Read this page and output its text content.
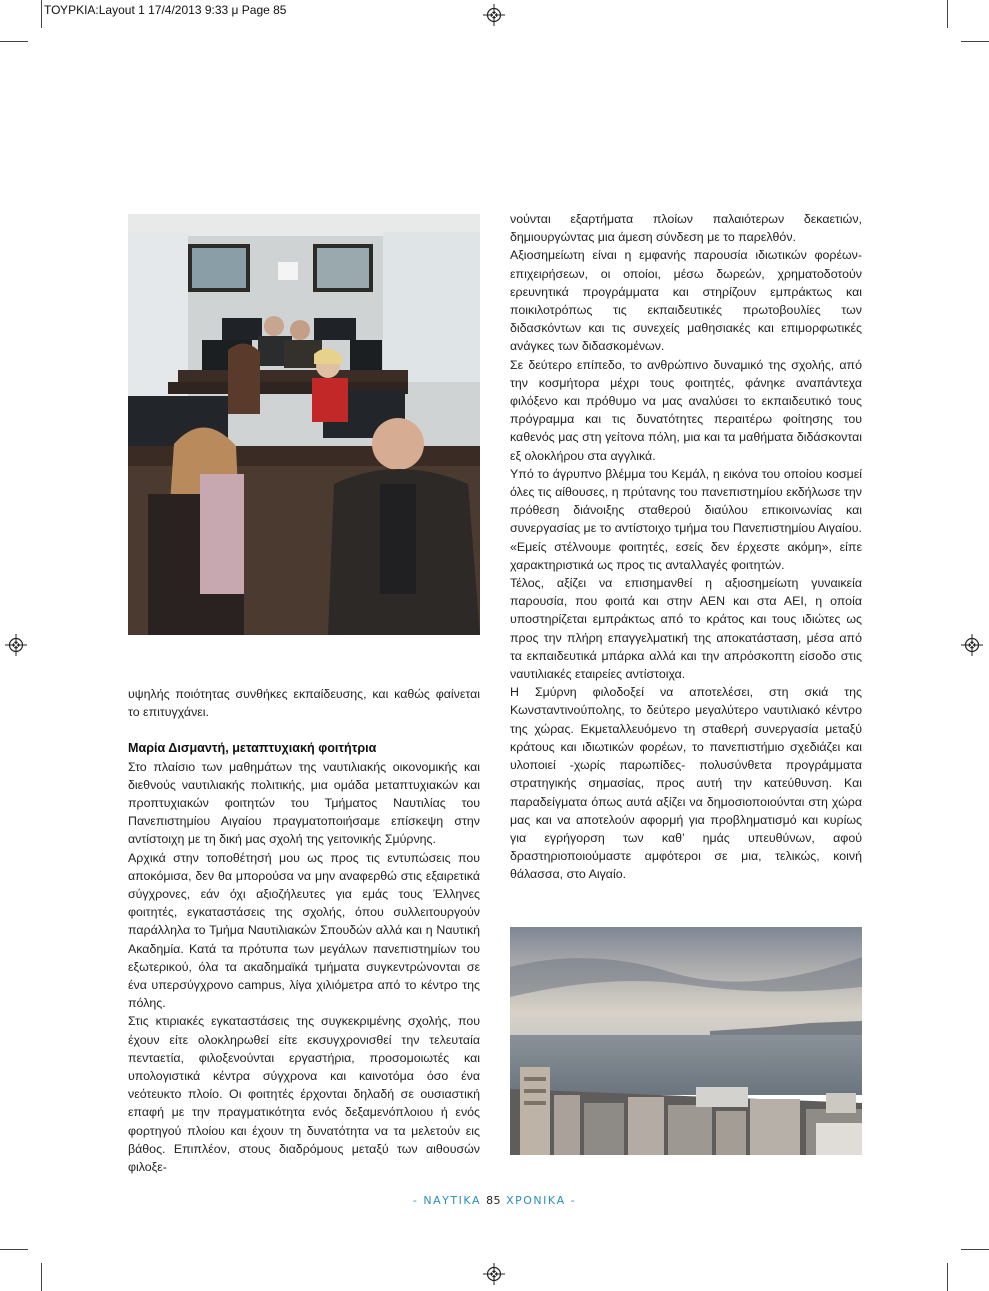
ΤΟΥΡΚΙΑ:Layout 1 17/4/2013 9:33 μ Page 85

υψηλής ποιότητας συνθήκες εκπαίδευσης, και καθώς φαίνεται το επιτυγχάνει.

Μαρία Δισμαντή, μεταπτυχιακή φοιτήτρια

Στο πλαίσιο των μαθημάτων της ναυτιλιακής οικονομικής και διεθνούς ναυτιλιακής πολιτικής, μια ομάδα μεταπτυχιακών και προπτυχιακών φοιτητών του Τμήματος Ναυτιλίας του Πανεπιστημίου Αιγαίου πραγματοποιήσαμε επίσκεψη στην αντίστοιχη με τη δική μας σχολή της γειτονικής Σμύρνης.

Αρχικά στην τοποθέτησή μου ως προς τις εντυπώσεις που αποκόμισα, δεν θα μπορούσα να μην αναφερθώ στις εξαιρετικά σύγχρονες, εάν όχι αξιοζήλευτες για εμάς τους Έλληνες φοιτητές, εγκαταστάσεις της σχολής, όπου συλλειτουργούν παράλληλα το Τμήμα Ναυτιλιακών Σπουδών αλλά και η Ναυτική Ακαδημία. Κατά τα πρότυπα των μεγάλων πανεπιστημίων του εξωτερικού, όλα τα ακαδημαϊκά τμήματα συγκεντρώνονται σε ένα υπερσύγχρονο campus, λίγα χιλιόμετρα από το κέντρο της πόλης.

Στις κτιριακές εγκαταστάσεις της συγκεκριμένης σχολής, που έχουν είτε ολοκληρωθεί είτε εκσυγχρονισθεί την τελευταία πενταετία, φιλοξενούνται εργαστήρια, προσομοιωτές και υπολογιστικά κέντρα σύγχρονα και καινοτόμα όσο ένα νεότευκτο πλοίο. Οι φοιτητές έρχονται δηλαδή σε ουσιαστική επαφή με την πραγματικότητα ενός δεξαμενόπλοιου ή ενός φορτηγού πλοίου και έχουν τη δυνατότητα να τα μελετούν εις βάθος. Επιπλέον, στους διαδρόμους μεταξύ των αιθουσών φιλοξε-

νούνται εξαρτήματα πλοίων παλαιότερων δεκαετιών, δημιουργώντας μια άμεση σύνδεση με το παρελθόν.

Αξιοσημείωτη είναι η εμφανής παρουσία ιδιωτικών φορέων-επιχειρήσεων, οι οποίοι, μέσω δωρεών, χρηματοδοτούν ερευνητικά προγράμματα και στηρίζουν εμπράκτως και ποικιλοτρόπως τις εκπαιδευτικές πρωτοβουλίες των διδασκόντων και τις συνεχείς μαθησιακές και επιμορφωτικές ανάγκες των διδασκομένων.

Σε δεύτερο επίπεδο, το ανθρώπινο δυναμικό της σχολής, από την κοσμήτορα μέχρι τους φοιτητές, φάνηκε αναπάντεχα φιλόξενο και πρόθυμο να μας αναλύσει το εκπαιδευτικό τους πρόγραμμα και τις δυνατότητες περαιτέρω φοίτησης του καθενός μας στη γείτονα πόλη, μια και τα μαθήματα διδάσκονται εξ ολοκλήρου στα αγγλικά.

Υπό το άγρυπνο βλέμμα του Κεμάλ, η εικόνα του οποίου κοσμεί όλες τις αίθουσες, η πρύτανης του πανεπιστημίου εκδήλωσε την πρόθεση διάνοιξης σταθερού διαύλου επικοινωνίας και συνεργασίας με το αντίστοιχο τμήμα του Πανεπιστημίου Αιγαίου. «Εμείς στέλνουμε φοιτητές, εσείς δεν έρχεστε ακόμη», είπε χαρακτηριστικά ως προς τις ανταλλαγές φοιτητών.

Τέλος, αξίζει να επισημανθεί η αξιοσημείωτη γυναικεία παρουσία, που φοιτά και στην ΑΕΝ και στα ΑΕΙ, η οποία υποστηρίζεται εμπράκτως από το κράτος και τους ιδιώτες ως προς την πλήρη επαγγελματική της αποκατάσταση, μέσα από τα εκπαιδευτικά μπάρκα αλλά και την απρόσκοπτη είσοδο στις ναυτιλιακές εταιρείες αντίστοιχα.

Η Σμύρνη φιλοδοξεί να αποτελέσει, στη σκιά της Κωνσταντινούπολης, το δεύτερο μεγαλύτερο ναυτιλιακό κέντρο της χώρας. Εκμεταλλευόμενο τη σταθερή συνεργασία μεταξύ κράτους και ιδιωτικών φορέων, το πανεπιστήμιο σχεδιάζει και υλοποιεί -χωρίς παρωπίδες- πολυσύνθετα προγράμματα στρατηγικής σημασίας, προς αυτή την κατεύθυνση. Και παραδείγματα όπως αυτά αξίζει να δημοσιοποιούνται στη χώρα μας και να αποτελούν αφορμή για προβληματισμό και κυρίως για εγρήγορση των καθ’ ημάς υπευθύνων, αφού δραστηριοποιούμαστε αμφότεροι σε μια, τελικώς, κοινή θάλασσα, στο Αιγαίο.

- ΝΑΥΤΙΚΑ 85 ΧΡΟΝΙΚΑ -
